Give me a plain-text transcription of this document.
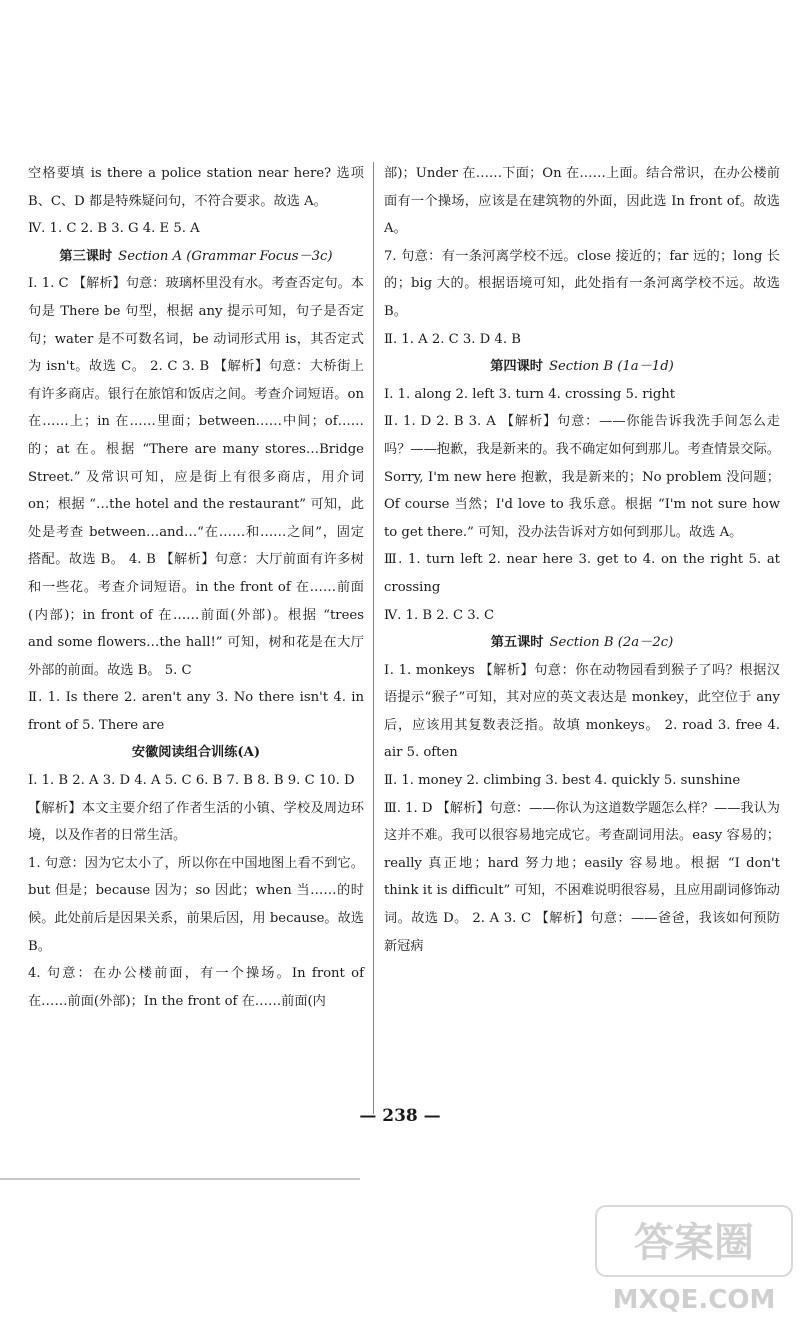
空格要填 is there a police station near here? 选项 B、C、D 都是特殊疑问句，不符合要求。故选 A。

Ⅳ. 1. C 2. B 3. G 4. E 5. A

第三课时 Section A (Grammar Focus－3c)

Ⅰ. 1. C 【解析】句意：玻璃杯里没有水。考查否定句。本句是 There be 句型，根据 any 提示可知，句子是否定句；water 是不可数名词，be 动词形式用 is，其否定式为 isn't。故选 C。 2. C 3. B 【解析】句意：大桥街上有许多商店。银行在旅馆和饭店之间。考查介词短语。on 在……上；in 在……里面；between……中间；of……的；at 在。根据 “There are many stores…Bridge Street.” 及常识可知，应是街上有很多商店，用介词 on；根据 “…the hotel and the restaurant” 可知，此处是考查 between…and…“在……和……之间”，固定搭配。故选 B。 4. B 【解析】句意：大厅前面有许多树和一些花。考查介词短语。in the front of 在……前面(内部)；in front of 在……前面(外部)。根据 “trees and some flowers…the hall!” 可知，树和花是在大厅外部的前面。故选 B。 5. C

Ⅱ. 1. Is there 2. aren't any 3. No there isn't 4. in front of 5. There are

安徽阅读组合训练(A)

Ⅰ. 1. B 2. A 3. D 4. A 5. C 6. B 7. B 8. B 9. C 10. D

【解析】本文主要介绍了作者生活的小镇、学校及周边环境，以及作者的日常生活。

1. 句意：因为它太小了，所以你在中国地图上看不到它。but 但是；because 因为；so 因此；when 当……的时候。此处前后是因果关系，前果后因，用 because。故选 B。

4. 句意：在办公楼前面，有一个操场。In front of 在……前面(外部)；In the front of 在……前面(内

部)；Under 在……下面；On 在……上面。结合常识，在办公楼前面有一个操场，应该是在建筑物的外面，因此选 In front of。故选 A。

7. 句意：有一条河离学校不远。close 接近的；far 远的；long 长的；big 大的。根据语境可知，此处指有一条河离学校不远。故选 B。

Ⅱ. 1. A 2. C 3. D 4. B

第四课时 Section B (1a－1d)

Ⅰ. 1. along 2. left 3. turn 4. crossing 5. right

Ⅱ. 1. D 2. B 3. A 【解析】句意：——你能告诉我洗手间怎么走吗？——抱歉，我是新来的。我不确定如何到那儿。考查情景交际。Sorry, I'm new here 抱歉，我是新来的；No problem 没问题；Of course 当然；I'd love to 我乐意。根据 “I'm not sure how to get there.” 可知，没办法告诉对方如何到那儿。故选 A。

Ⅲ. 1. turn left 2. near here 3. get to 4. on the right 5. at crossing

Ⅳ. 1. B 2. C 3. C

第五课时 Section B (2a－2c)

Ⅰ. 1. monkeys 【解析】句意：你在动物园看到猴子了吗？根据汉语提示“猴子”可知，其对应的英文表达是 monkey，此空位于 any 后，应该用其复数表泛指。故填 monkeys。 2. road 3. free 4. air 5. often

Ⅱ. 1. money 2. climbing 3. best 4. quickly 5. sunshine

Ⅲ. 1. D 【解析】句意：——你认为这道数学题怎么样？——我认为这并不难。我可以很容易地完成它。考查副词用法。easy 容易的；really 真正地；hard 努力地；easily 容易地。根据 “I don't think it is difficult” 可知，不困难说明很容易，且应用副词修饰动词。故选 D。 2. A 3. C 【解析】句意：——爸爸，我该如何预防新冠病

— 238 —
答案圈
MXQE.COM
